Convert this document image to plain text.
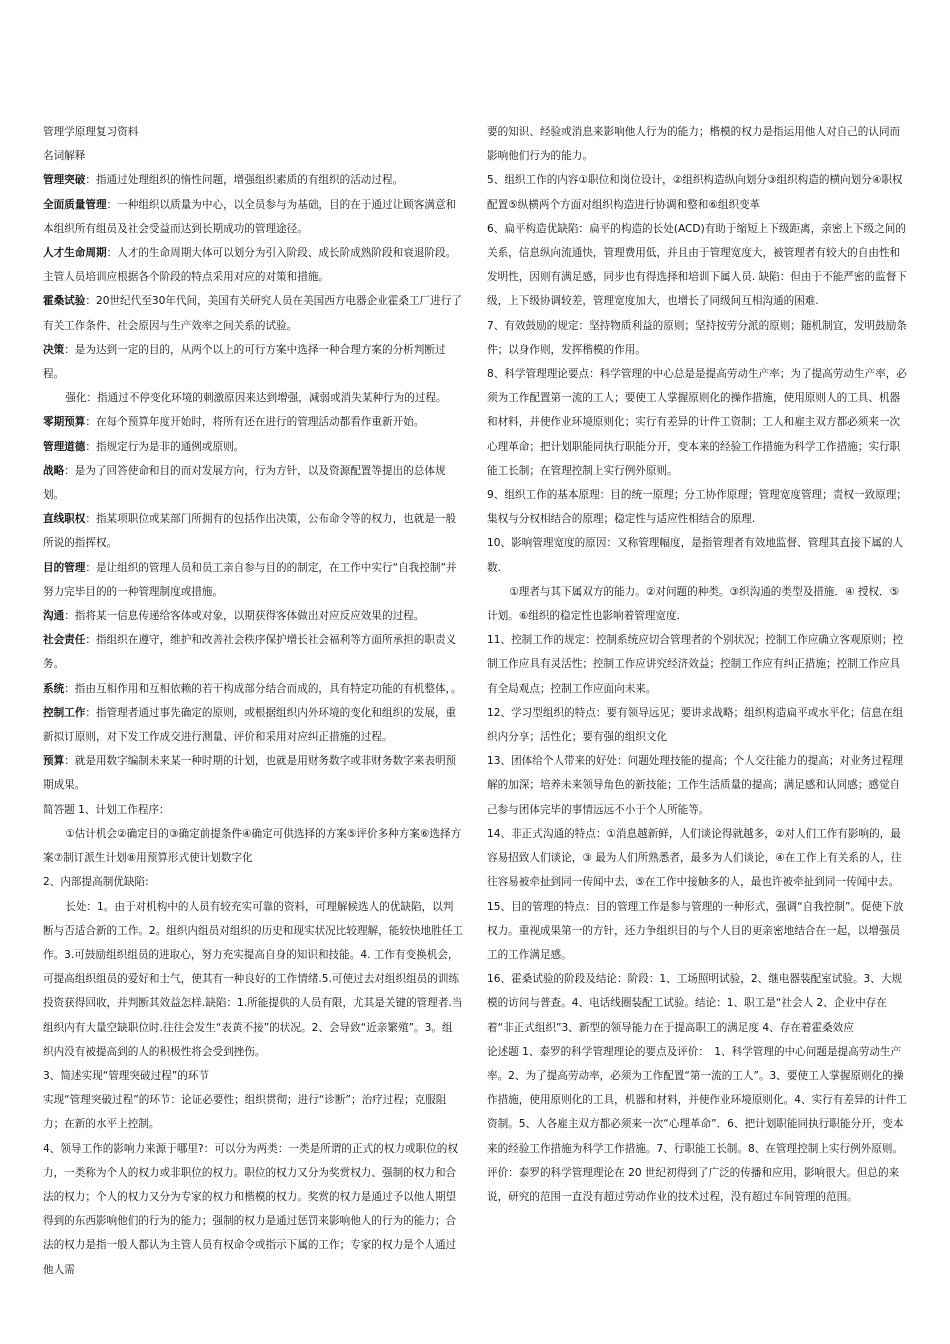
管理学原理复习资料

名词解释

管理突破：指通过处理组织的惰性问题，增强组织素质的有组织的活动过程。

全面质量管理：一种组织以质量为中心，以全员参与为基础，目的在于通过让顾客满意和本组织所有组员及社会受益而达到长期成功的管理途径。

人才生命周期：人才的生命周期大体可以划分为引入阶段、成长阶成熟阶段和衰退阶段。主管人员培训应根据各个阶段的特点采用对应的对策和措施。

霍桑试验：20世纪代至30年代间，美国有关研究人员在美国西方电器企业霍桑工厂进行了有关工作条件、社会原因与生产效率之间关系的试验。

决策：是为达到一定的目的，从两个以上的可行方案中选择一种合理方案的分析判断过程。

强化：指通过不停变化环境的刺激原因来达到增强，减弱或消失某种行为的过程。

零期预算：在每个预算年度开始时，将所有还在进行的管理活动都看作重新开始。

管理道德：指规定行为是非的通例或原则。

战略：是为了回答使命和目的而对发展方向，行为方针，以及资源配置等提出的总体规划。

直线职权：指某项职位或某部门所拥有的包括作出决策，公布命令等的权力，也就是一般所说的指挥权。

目的管理：是让组织的管理人员和员工亲自参与目的的制定，在工作中实行“自我控制”并努力完毕目的的一种管理制度或措施。

沟通：指将某一信息传递给客体或对象，以期获得客体做出对应反应效果的过程。

社会责任：指组织在遵守，维护和改善社会秩序保护增长社会福利等方面所承担的职责义务。

系统：指由互相作用和互相依赖的若干构成部分结合而成的，具有特定功能的有机整体，。

控制工作：指管理者通过事先确定的原则，或根据组织内外环境的变化和组织的发展，重新拟订原则，对下发工作成交进行测量、评价和采用对应纠正措施的过程。

预算：就是用数字编制未来某一种时期的计划，也就是用财务数字或非财务数字来表明预期成果。

简答题 1、计划工作程序：

①估计机会②确定目的③确定前提条件④确定可供选择的方案⑤评价多种方案⑥选择方案⑦制订派生计划⑧用预算形式使计划数字化

2、内部提高制优缺陷:

长处：1。由于对机构中的人员有较充实可靠的资料，可理解候选人的优缺陷，以判断与否适合新的工作。2。组织内组员对组织的历史和现实状况比较理解，能较快地胜任工作。3.可鼓励组织组员的进取心，努力充实提高自身的知识和技能。4. 工作有变换机会，可提高组织组员的爱好和士气，使其有一种良好的工作情绪.5.可使过去对组织组员的训练投资获得回收，并判断其效益怎样.缺陷：1.所能提供的人员有限，尤其是关键的管理者.当组织内有大量空缺职位时.往往会发生“表黄不接”的状况。2、会导致“近亲繁殖”。3。组织内没有被提高到的人的积极性将会受到挫伤。

3、简述实现“管理突破过程”的环节

实现“管理突破过程”的环节：论证必要性；组织贯彻；进行“诊断”；治疗过程；克服阻力；在新的水平上控制。

4、领导工作的影响力来源于哪里?：可以分为两类：一类是所谓的正式的权力或职位的权力，一类称为个人的权力或非职位的权力。职位的权力又分为奖赏权力、强制的权力和合法的权力；个人的权力又分为专家的权力和楷模的权力。奖赏的权力是通过予以他人期望得到的东西影响他们的行为的能力；强制的权力是通过惩罚来影响他人的行为的能力；合法的权力是指一般人都认为主管人员有权命令或指示下属的工作；专家的权力是个人通过他人需

要的知识、经验或消息来影响他人行为的能力；楷模的权力是指运用他人对自己的认同而影响他们行为的能力。

5、组织工作的内容①职位和岗位设计，②组织构造纵向划分③组织构造的横向划分④职权配置⑤纵横两个方面对组织构造进行协调和整和⑥组织变革

6、扁平构造优缺陷：扁平的构造的长处(ACD)有助于缩短上下级距离，亲密上下级之间的关系，信息纵向流通快，管理费用低，并且由于管理宽度大，被管理者有较大的自由性和发明性，因则有满足感，同步也有得选择和培训下属人员. 缺陷：但由于不能严密的监督下级，上下级协调较差，管理宽度加大，也增长了同级间互相沟通的困难.

7、有效鼓励的规定：坚持物质利益的原则；坚持按劳分派的原则；随机制宜，发明鼓励条件；以身作则，发挥楷模的作用。

8、科学管理理论要点：科学管理的中心总是是提高劳动生产率；为了提高劳动生产率，必须为工作配置第一流的工人；要使工人掌握原则化的操作措施，使用原则人的工具、机器和材料，并使作业环境原则化；实行有差异的计件工资制；工人和雇主双方都必须来一次心理革命；把计划职能同执行职能分开，变本来的经验工作措施为科学工作措施；实行职能工长制；在管理控制上实行例外原则。

9、组织工作的基本原理：目的统一原理；分工协作原理；管理宽度管理；责权一致原理；集权与分权相结合的原理；稳定性与适应性相结合的原理.

10、影响管理宽度的原因：又称管理幅度，是指管理者有效地监督、管理其直接下属的人数.

①理者与其下属双方的能力。②对问题的种类。③织沟通的类型及措施．④ 授权．⑤ 计划。⑥组织的稳定性也影响着管理宽度.

11、控制工作的规定：控制系统应切合管理者的个别状况；控制工作应确立客观原则；控制工作应具有灵活性；控制工作应讲究经济效益；控制工作应有纠正措施；控制工作应具有全局观点；控制工作应面向未来。

12、学习型组织的特点：要有领导远见；要讲求战略；组织构造扁平或水平化；信息在组织内分享；活性化；要有强的组织文化

13、团体给个人带来的好处：问题处理技能的提高；个人交往能力的提高；对业务过程理解的加深；培养未来领导角色的新技能；工作生活质量的提高；满足感和认同感；感觉自己参与团体完毕的事情远远不小于个人所能等。

14、非正式沟通的特点：①消息越新鲜，人们谈论得就越多，②对人们工作有影响的，最容易招致人们谈论，③ 最为人们所熟悉者，最多为人们谈论，④在工作上有关系的人，往往容易被牵扯到同一传闻中去，⑤在工作中接触多的人，最也许被牵扯到同一传闻中去。

15、目的管理的特点：目的管理工作是参与管理的一种形式，强调“自我控制”。促使下放权力。重视成果第一的方针，还力争组织目的与个人目的更亲密地结合在一起，以增强员工的工作满足感。

16、霍桑试验的阶段及结论：阶段：1、工场照明试验，2、继电器装配室试验。3、大规模的访问与普查。4、电话线圈装配工试验。结论：1、职工是“社会人 2、企业中存在着“非正式组织”3、新型的领导能力在于提高职工的满足度 4、存在着霍桑效应

论述题 1、泰罗的科学管理理论的要点及评价：　1、科学管理的中心问题是提高劳动生产率。2、为了提高劳动率，必须为工作配置“第一流的工人”。3、要使工人掌握原则化的操作措施，使用原则化的工具，机器和材料，并使作业环境原则化。4、实行有差异的计件工资制。5、人各雇主双方都必须来一次“心理革命”．6、把计划职能同执行职能分开，变本来的经验工作措施为科学工作措施。7、行职能工长制。8、在管理控制上实行例外原则。评价：泰罗的科学管理理论在 20 世纪初得到了广泛的传播和应用，影响很大。但总的来说，研究的范围一直没有超过劳动作业的技术过程，没有超过车间管理的范围。
